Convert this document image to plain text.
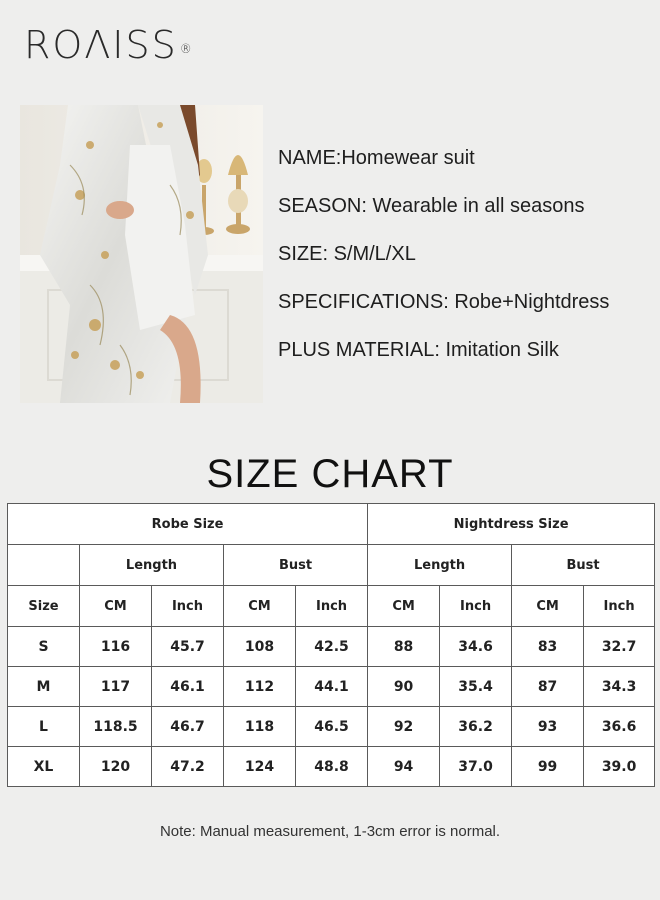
ROΛISS ®
NAME:Homewear suit
SEASON: Wearable in all seasons
SIZE: S/M/L/XL
SPECIFICATIONS: Robe+Nightdress
PLUS MATERIAL: Imitation Silk
SIZE CHART
Robe Size					Nightdress Size			
	Length		Bust		Length		Bust	
Size	CM	Inch	CM	Inch	CM	Inch	CM	Inch
S	116	45.7	108	42.5	88	34.6	83	32.7
M	117	46.1	112	44.1	90	35.4	87	34.3
L	118.5	46.7	118	46.5	92	36.2	93	36.6
XL	120	47.2	124	48.8	94	37.0	99	39.0
Note: Manual measurement, 1-3cm error is normal.
